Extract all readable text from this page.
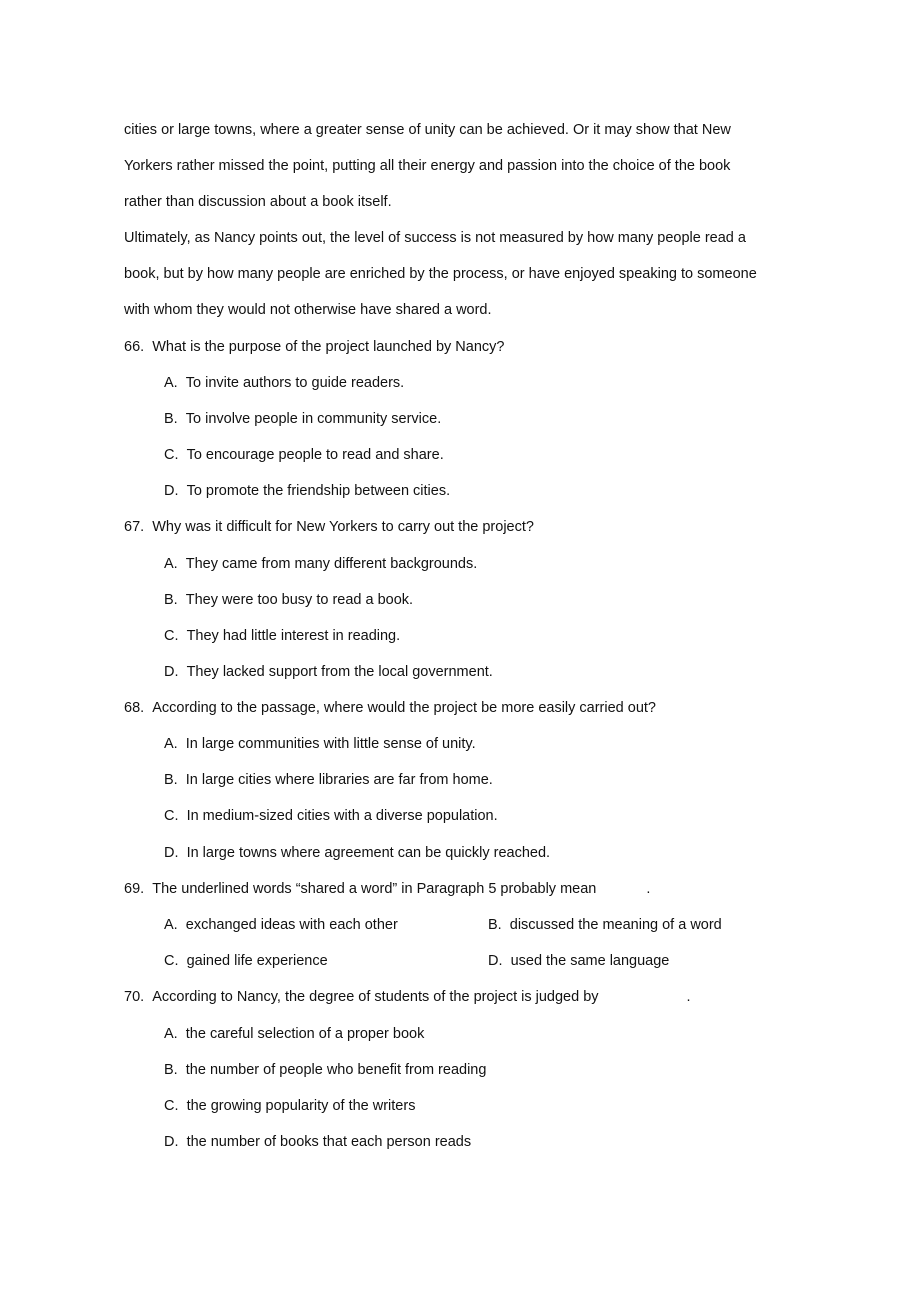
cities or large towns, where a greater sense of unity can be achieved. Or it may show that New
Yorkers rather missed the point, putting all their energy and passion into the choice of the book
rather than discussion about a book itself.
Ultimately, as Nancy points out, the level of success is not measured by how many people read a
book, but by how many people are enriched by the process, or have enjoyed speaking to someone
with whom they would not otherwise have shared a word.
66. What is the purpose of the project launched by Nancy?
A. To invite authors to guide readers.
B. To involve people in community service.
C. To encourage people to read and share.
D. To promote the friendship between cities.
67. Why was it difficult for New Yorkers to carry out the project?
A. They came from many different backgrounds.
B. They were too busy to read a book.
C. They had little interest in reading.
D. They lacked support from the local government.
68. According to the passage, where would the project be more easily carried out?
A. In large communities with little sense of unity.
B. In large cities where libraries are far from home.
C. In medium-sized cities with a diverse population.
D. In large towns where agreement can be quickly reached.
69. The underlined words “shared a word” in Paragraph 5 probably mean	.
A. exchanged ideas with each other	B. discussed the meaning of a word
C. gained life experience	D. used the same language
70. According to Nancy, the degree of students of the project is judged by	.
A. the careful selection of a proper book
B. the number of people who benefit from reading
C. the growing popularity of the writers
D. the number of books that each person reads
